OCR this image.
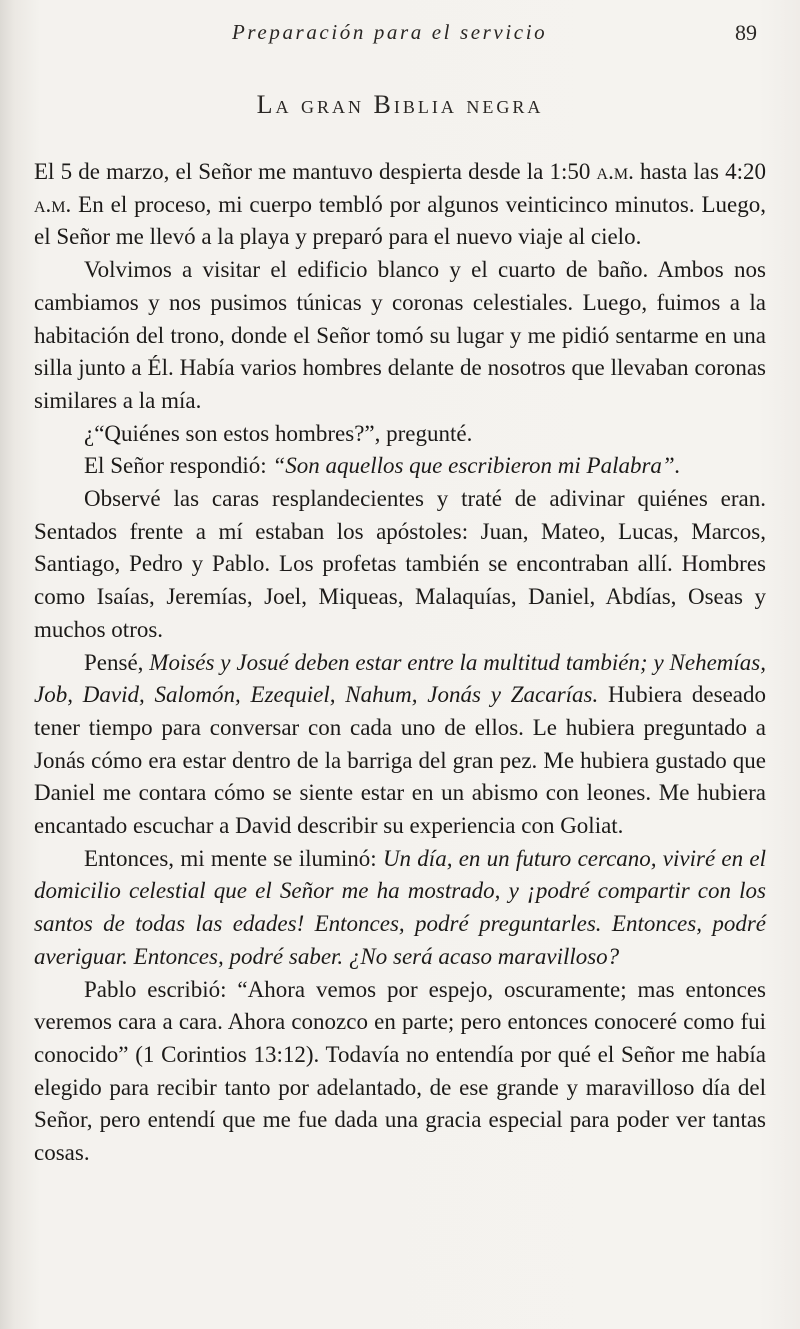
Preparación para el servicio	89
La gran Biblia negra

El 5 de marzo, el Señor me mantuvo despierta desde la 1:50 a.m. hasta las 4:20 a.m. En el proceso, mi cuerpo tembló por algunos veinticinco minutos. Luego, el Señor me llevó a la playa y preparó para el nuevo viaje al cielo.

Volvimos a visitar el edificio blanco y el cuarto de baño. Ambos nos cambiamos y nos pusimos túnicas y coronas celestiales. Luego, fuimos a la habitación del trono, donde el Señor tomó su lugar y me pidió sentarme en una silla junto a Él. Había varios hombres delante de nosotros que llevaban coronas similares a la mía.

¿“Quiénes son estos hombres?”, pregunté.

El Señor respondió: “Son aquellos que escribieron mi Palabra”.

Observé las caras resplandecientes y traté de adivinar quiénes eran. Sentados frente a mí estaban los apóstoles: Juan, Mateo, Lucas, Marcos, Santiago, Pedro y Pablo. Los profetas también se encontraban allí. Hombres como Isaías, Jeremías, Joel, Miqueas, Malaquías, Daniel, Abdías, Oseas y muchos otros.

Pensé, Moisés y Josué deben estar entre la multitud también; y Nehemías, Job, David, Salomón, Ezequiel, Nahum, Jonás y Zacarías. Hubiera deseado tener tiempo para conversar con cada uno de ellos. Le hubiera preguntado a Jonás cómo era estar dentro de la barriga del gran pez. Me hubiera gustado que Daniel me contara cómo se siente estar en un abismo con leones. Me hubiera encantado escuchar a David describir su experiencia con Goliat.

Entonces, mi mente se iluminó: Un día, en un futuro cercano, viviré en el domicilio celestial que el Señor me ha mostrado, y ¡podré compartir con los santos de todas las edades! Entonces, podré preguntarles. Entonces, podré averiguar. Entonces, podré saber. ¿No será acaso maravilloso?

Pablo escribió: “Ahora vemos por espejo, oscuramente; mas entonces veremos cara a cara. Ahora conozco en parte; pero entonces conoceré como fui conocido” (1 Corintios 13:12). Todavía no entendía por qué el Señor me había elegido para recibir tanto por adelantado, de ese grande y maravilloso día del Señor, pero entendí que me fue dada una gracia especial para poder ver tantas cosas.
